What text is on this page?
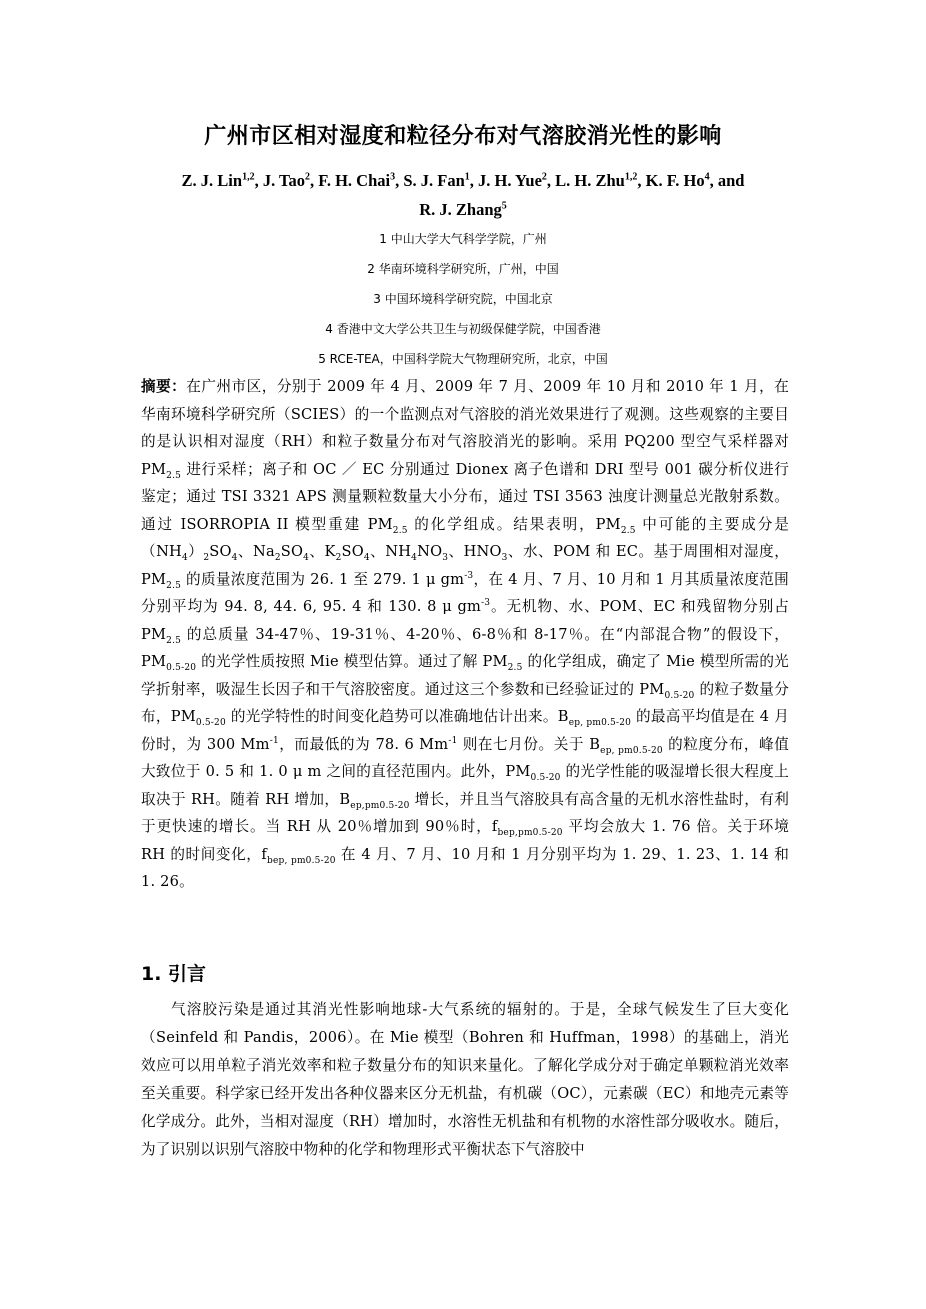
广州市区相对湿度和粒径分布对气溶胶消光性的影响
Z. J. Lin$^{1,2}$, J. Tao$^2$, F. H. Chai$^3$, S. J. Fan$^1$, J. H. Yue$^2$, L. H. Zhu$^{1,2}$, K. F. Ho$^4$, and
R. J. Zhang$^5$
1 中山大学大气科学学院，广州
2 华南环境科学研究所，广州，中国
3 中国环境科学研究院，中国北京
4 香港中文大学公共卫生与初级保健学院，中国香港
5 RCE-TEA，中国科学院大气物理研究所，北京，中国
摘要：在广州市区，分别于 2009 年 4 月、2009 年 7 月、2009 年 10 月和 2010 年 1 月，在华南环境科学研究所（SCIES）的一个监测点对气溶胶的消光效果进行了观测。这些观察的主要目的是认识相对湿度（RH）和粒子数量分布对气溶胶消光的影响。采用 PQ200 型空气采样器对 $PM_{2.5}$ 进行采样；离子和 OC ／ EC 分别通过 Dionex 离子色谱和 DRI 型号 001 碳分析仪进行鉴定；通过 TSI 3321 APS 测量颗粒数量大小分布，通过 TSI 3563 浊度计测量总光散射系数。通过 ISORROPIA II 模型重建 $PM_{2.5}$ 的化学组成。结果表明，$PM_{2.5}$ 中可能的主要成分是$(NH_4)_2SO_4$、$Na_2SO_4$、$K_2SO_4$、$NH_4NO_3$、$HNO_3$、水、POM 和 EC。基于周围相对湿度，$PM_{2.5}$ 的质量浓度范围为 26. 1 至 279. 1 μ $gm^{-3}$，在 4 月、7 月、10 月和 1 月其质量浓度范围分别平均为 94. 8, 44. 6, 95. 4 和 130. 8 μ $gm^{-3}$。无机物、水、POM、EC 和残留物分别占 $PM_{2.5}$ 的总质量 34-47％、19-31％、4-20％、6-8％和 8-17％。在“内部混合物”的假设下，$PM_{0.5-20}$ 的光学性质按照 Mie 模型估算。通过了解 $PM_{2.5}$ 的化学组成，确定了 Mie 模型所需的光学折射率，吸湿生长因子和干气溶胶密度。通过这三个参数和已经验证过的 $PM_{0.5-20}$ 的粒子数量分布，$PM_{0.5-20}$ 的光学特性的时间变化趋势可以准确地估计出来。$B_{ep, pm0.5-20}$ 的最高平均值是在 4 月份时，为 300 $Mm^{-1}$，而最低的为 78. 6 $Mm^{-1}$ 则在七月份。关于 $B_{ep, pm0.5-20}$ 的粒度分布，峰值大致位于 0. 5 和 1. 0 μ m 之间的直径范围内。此外，$PM_{0.5-20}$ 的光学性能的吸湿增长很大程度上取决于 RH。随着 RH 增加，$B_{ep,pm0.5-20}$ 增长，并且当气溶胶具有高含量的无机水溶性盐时，有利于更快速的增长。当 RH 从 20％增加到 90％时，$f_{bep,pm0.5-20}$ 平均会放大 1. 76 倍。关于环境 RH 的时间变化，$f_{bep, pm0.5-20}$ 在 4 月、7 月、10 月和 1 月分别平均为 1. 29、1. 23、1. 14 和 1. 26。
1. 引言
气溶胶污染是通过其消光性影响地球-大气系统的辐射的。于是，全球气候发生了巨大变化（Seinfeld 和 Pandis，2006）。在 Mie 模型（Bohren 和 Huffman，1998）的基础上，消光效应可以用单粒子消光效率和粒子数量分布的知识来量化。了解化学成分对于确定单颗粒消光效率至关重要。科学家已经开发出各种仪器来区分无机盐，有机碳（OC），元素碳（EC）和地壳元素等化学成分。此外，当相对湿度（RH）增加时，水溶性无机盐和有机物的水溶性部分吸收水。随后，为了识别以识别气溶胶中物种的化学和物理形式平衡状态下气溶胶中
